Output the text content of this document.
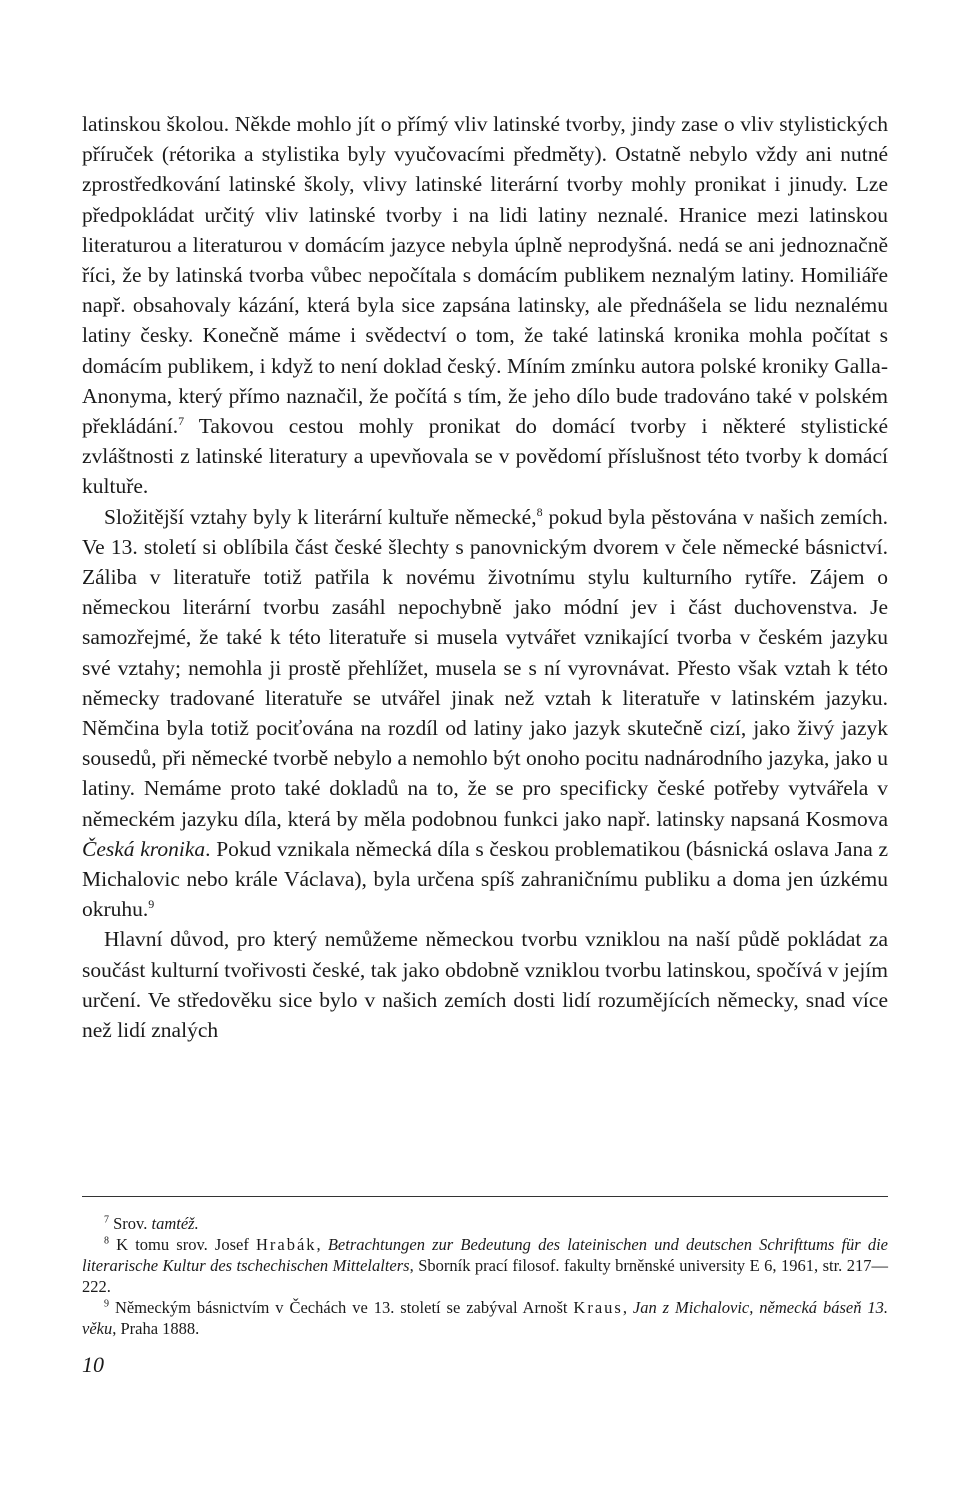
latinskou školou. Někde mohlo jít o přímý vliv latinské tvorby, jindy zase o vliv stylistických příruček (rétorika a stylistika byly vyučovacími předměty). Ostatně nebylo vždy ani nutné zprostředkování latinské školy, vlivy latinské literární tvorby mohly pronikat i jinudy. Lze předpokládat určitý vliv latinské tvorby i na lidi latiny neznalé. Hranice mezi latinskou literaturou a literaturou v domácím jazyce nebyla úplně neprodyšná. nedá se ani jednoznačně říci, že by latinská tvorba vůbec nepočítala s domácím publikem neznalým latiny. Homiliáře např. obsahovaly kázání, která byla sice zapsána latinsky, ale přednášela se lidu neznalému latiny česky. Konečně máme i svědectví o tom, že také latinská kronika mohla počítat s domácím publikem, i když to není doklad český. Míním zmínku autora polské kroniky Galla-Anonyma, který přímo naznačil, že počítá s tím, že jeho dílo bude tradováno také v polském překládání.$^7$ Takovou cestou mohly pronikat do domácí tvorby i některé stylistické zvláštnosti z latinské literatury a upevňovala se v povědomí příslušnost této tvorby k domácí kultuře.

Složitější vztahy byly k literární kultuře německé,$^8$ pokud byla pěstována v našich zemích. Ve 13. století si oblíbila část české šlechty s panovnickým dvorem v čele německé básnictví. Záliba v literatuře totiž patřila k novému životnímu stylu kulturního rytíře. Zájem o německou literární tvorbu zasáhl nepochybně jako módní jev i část duchovenstva. Je samozřejmé, že také k této literatuře si musela vytvářet vznikající tvorba v českém jazyku své vztahy; nemohla ji prostě přehlížet, musela se s ní vyrovnávat. Přesto však vztah k této německy tradované literatuře se utvářel jinak než vztah k literatuře v latinském jazyku. Němčina byla totiž pociťována na rozdíl od latiny jako jazyk skutečně cizí, jako živý jazyk sousedů, při německé tvorbě nebylo a nemohlo být onoho pocitu nadnárodního jazyka, jako u latiny. Nemáme proto také dokladů na to, že se pro specificky české potřeby vytvářela v německém jazyku díla, která by měla podobnou funkci jako např. latinsky napsaná Kosmova Česká kronika. Pokud vznikala německá díla s českou problematikou (básnická oslava Jana z Michalovic nebo krále Václava), byla určena spíš zahraničnímu publiku a doma jen úzkému okruhu.$^9$

Hlavní důvod, pro který nemůžeme německou tvorbu vzniklou na naší půdě pokládat za součást kulturní tvořivosti české, tak jako obdobně vzniklou tvorbu latinskou, spočívá v jejím určení. Ve středověku sice bylo v našich zemích dosti lidí rozumějících německy, snad více než lidí znalých

$^7$ Srov. tamtéž.

$^8$ K tomu srov. Josef Hrabák, Betrachtungen zur Bedeutung des lateinischen und deutschen Schrifttums für die literarische Kultur des tschechischen Mittelalters, Sborník prací filosof. fakulty brněnské university E 6, 1961, str. 217—222.

$^9$ Německým básnictvím v Čechách ve 13. století se zabýval Arnošt Kraus, Jan z Michalovic, německá báseň 13. věku, Praha 1888.

10
